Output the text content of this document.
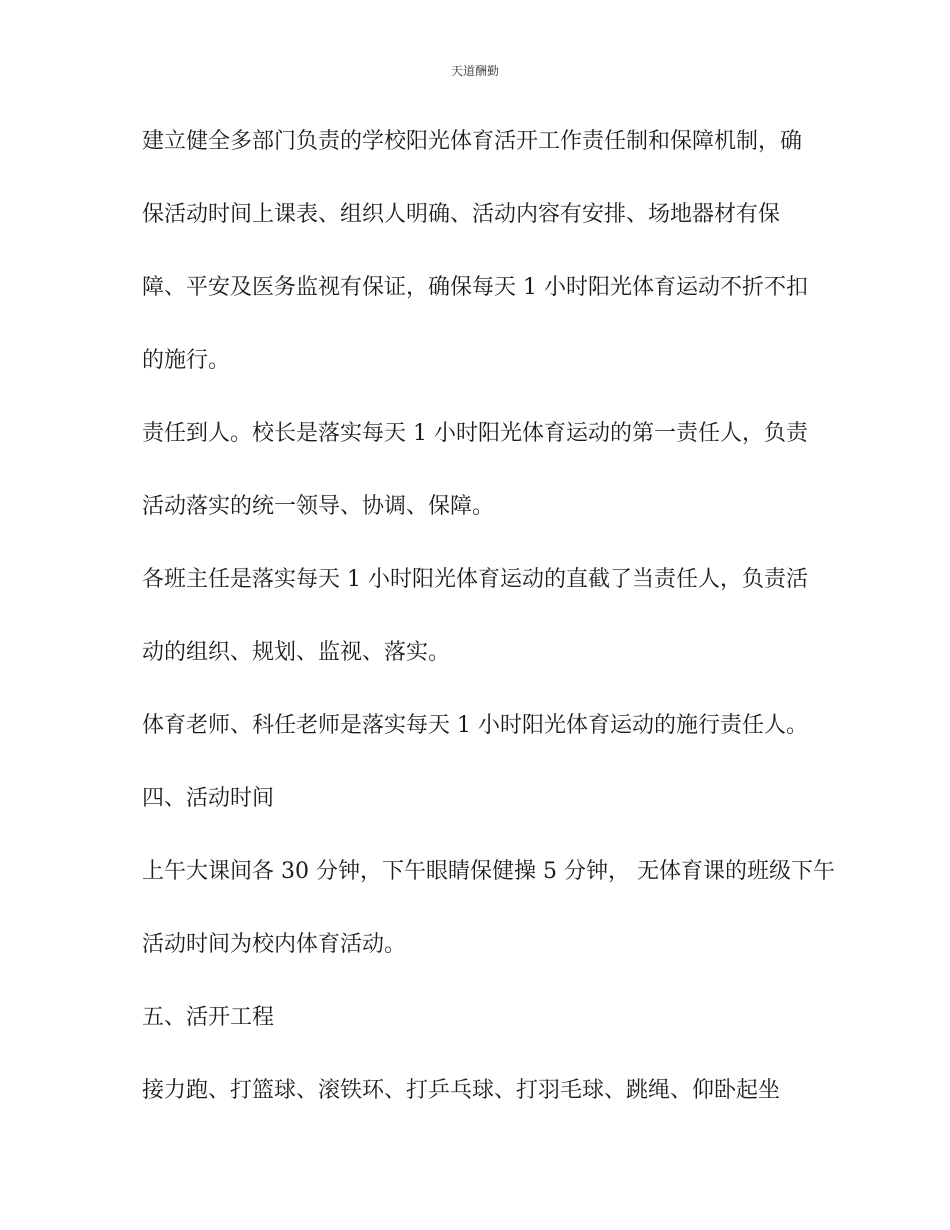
天道酬勤
建立健全多部门负责的学校阳光体育活开工作责任制和保障机制，确
保活动时间上课表、组织人明确、活动内容有安排、场地器材有保
障、平安及医务监视有保证，确保每天 1 小时阳光体育运动不折不扣
的施行。
责任到人。校长是落实每天 1 小时阳光体育运动的第一责任人，负责
活动落实的统一领导、协调、保障。
各班主任是落实每天 1 小时阳光体育运动的直截了当责任人，负责活
动的组织、规划、监视、落实。
体育老师、科任老师是落实每天 1 小时阳光体育运动的施行责任人。
四、活动时间
上午大课间各 30 分钟，下午眼睛保健操 5 分钟， 无体育课的班级下午
活动时间为校内体育活动。
五、活开工程
接力跑、打篮球、滚铁环、打乒乓球、打羽毛球、跳绳、仰卧起坐
